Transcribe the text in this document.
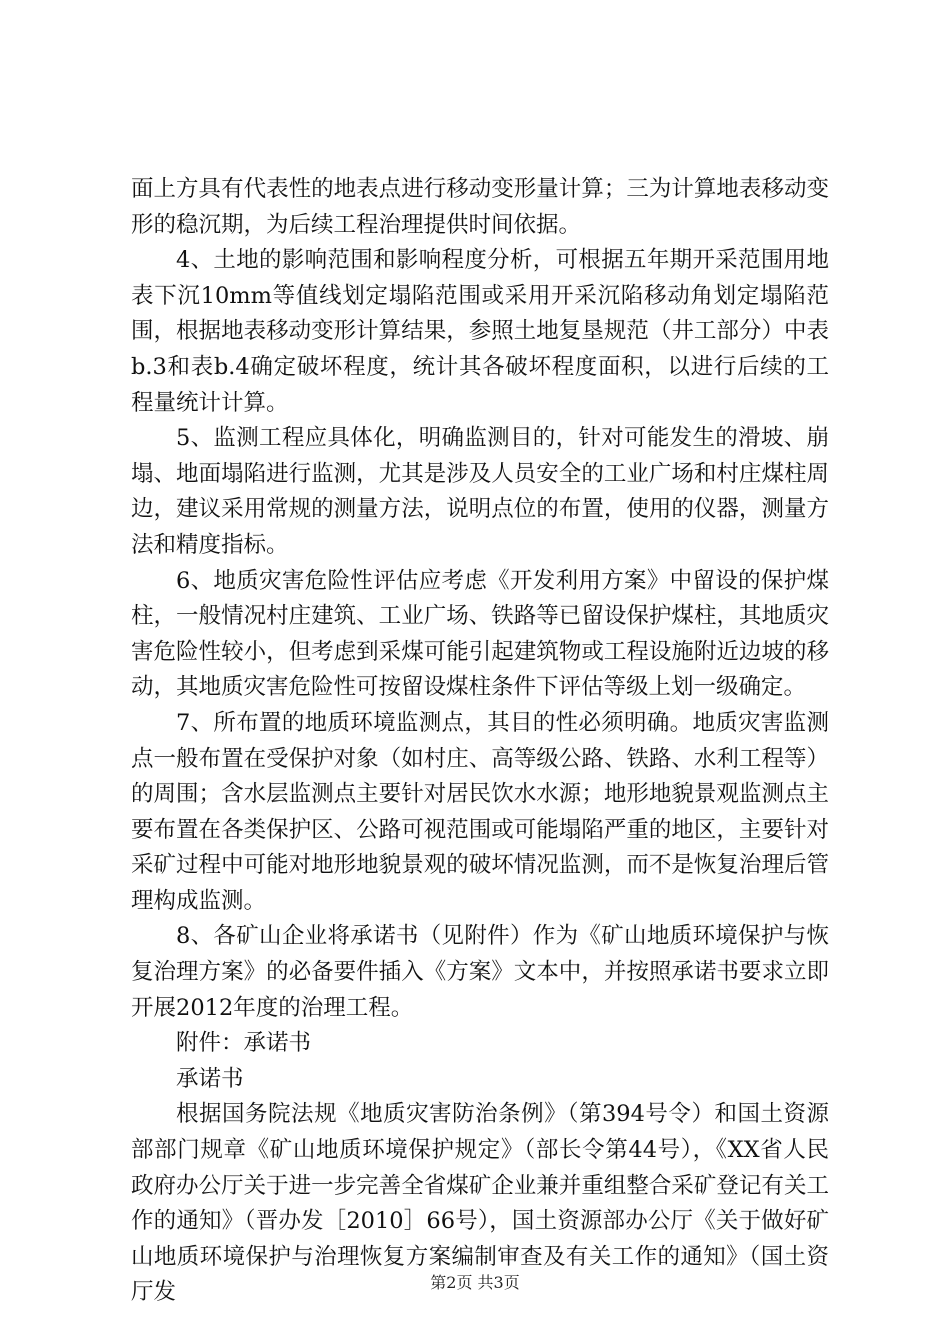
面上方具有代表性的地表点进行移动变形量计算；三为计算地表移动变形的稳沉期，为后续工程治理提供时间依据。

4、土地的影响范围和影响程度分析，可根据五年期开采范围用地表下沉10mm等值线划定塌陷范围或采用开采沉陷移动角划定塌陷范围，根据地表移动变形计算结果，参照土地复垦规范（井工部分）中表b.3和表b.4确定破坏程度，统计其各破坏程度面积，以进行后续的工程量统计计算。

5、监测工程应具体化，明确监测目的，针对可能发生的滑坡、崩塌、地面塌陷进行监测，尤其是涉及人员安全的工业广场和村庄煤柱周边，建议采用常规的测量方法，说明点位的布置，使用的仪器，测量方法和精度指标。

6、地质灾害危险性评估应考虑《开发利用方案》中留设的保护煤柱，一般情况村庄建筑、工业广场、铁路等已留设保护煤柱，其地质灾害危险性较小，但考虑到采煤可能引起建筑物或工程设施附近边坡的移动，其地质灾害危险性可按留设煤柱条件下评估等级上划一级确定。

7、所布置的地质环境监测点，其目的性必须明确。地质灾害监测点一般布置在受保护对象（如村庄、高等级公路、铁路、水利工程等）的周围；含水层监测点主要针对居民饮水水源；地形地貌景观监测点主要布置在各类保护区、公路可视范围或可能塌陷严重的地区，主要针对采矿过程中可能对地形地貌景观的破坏情况监测，而不是恢复治理后管理构成监测。

8、各矿山企业将承诺书（见附件）作为《矿山地质环境保护与恢复治理方案》的必备要件插入《方案》文本中，并按照承诺书要求立即开展2012年度的治理工程。

附件：承诺书

承诺书

根据国务院法规《地质灾害防治条例》（第394号令）和国土资源部部门规章《矿山地质环境保护规定》（部长令第44号），《XX省人民政府办公厅关于进一步完善全省煤矿企业兼并重组整合采矿登记有关工作的通知》（晋办发［2010］66号），国土资源部办公厅《关于做好矿山地质环境保护与治理恢复方案编制审查及有关工作的通知》（国土资厅发	第2页 共3页
